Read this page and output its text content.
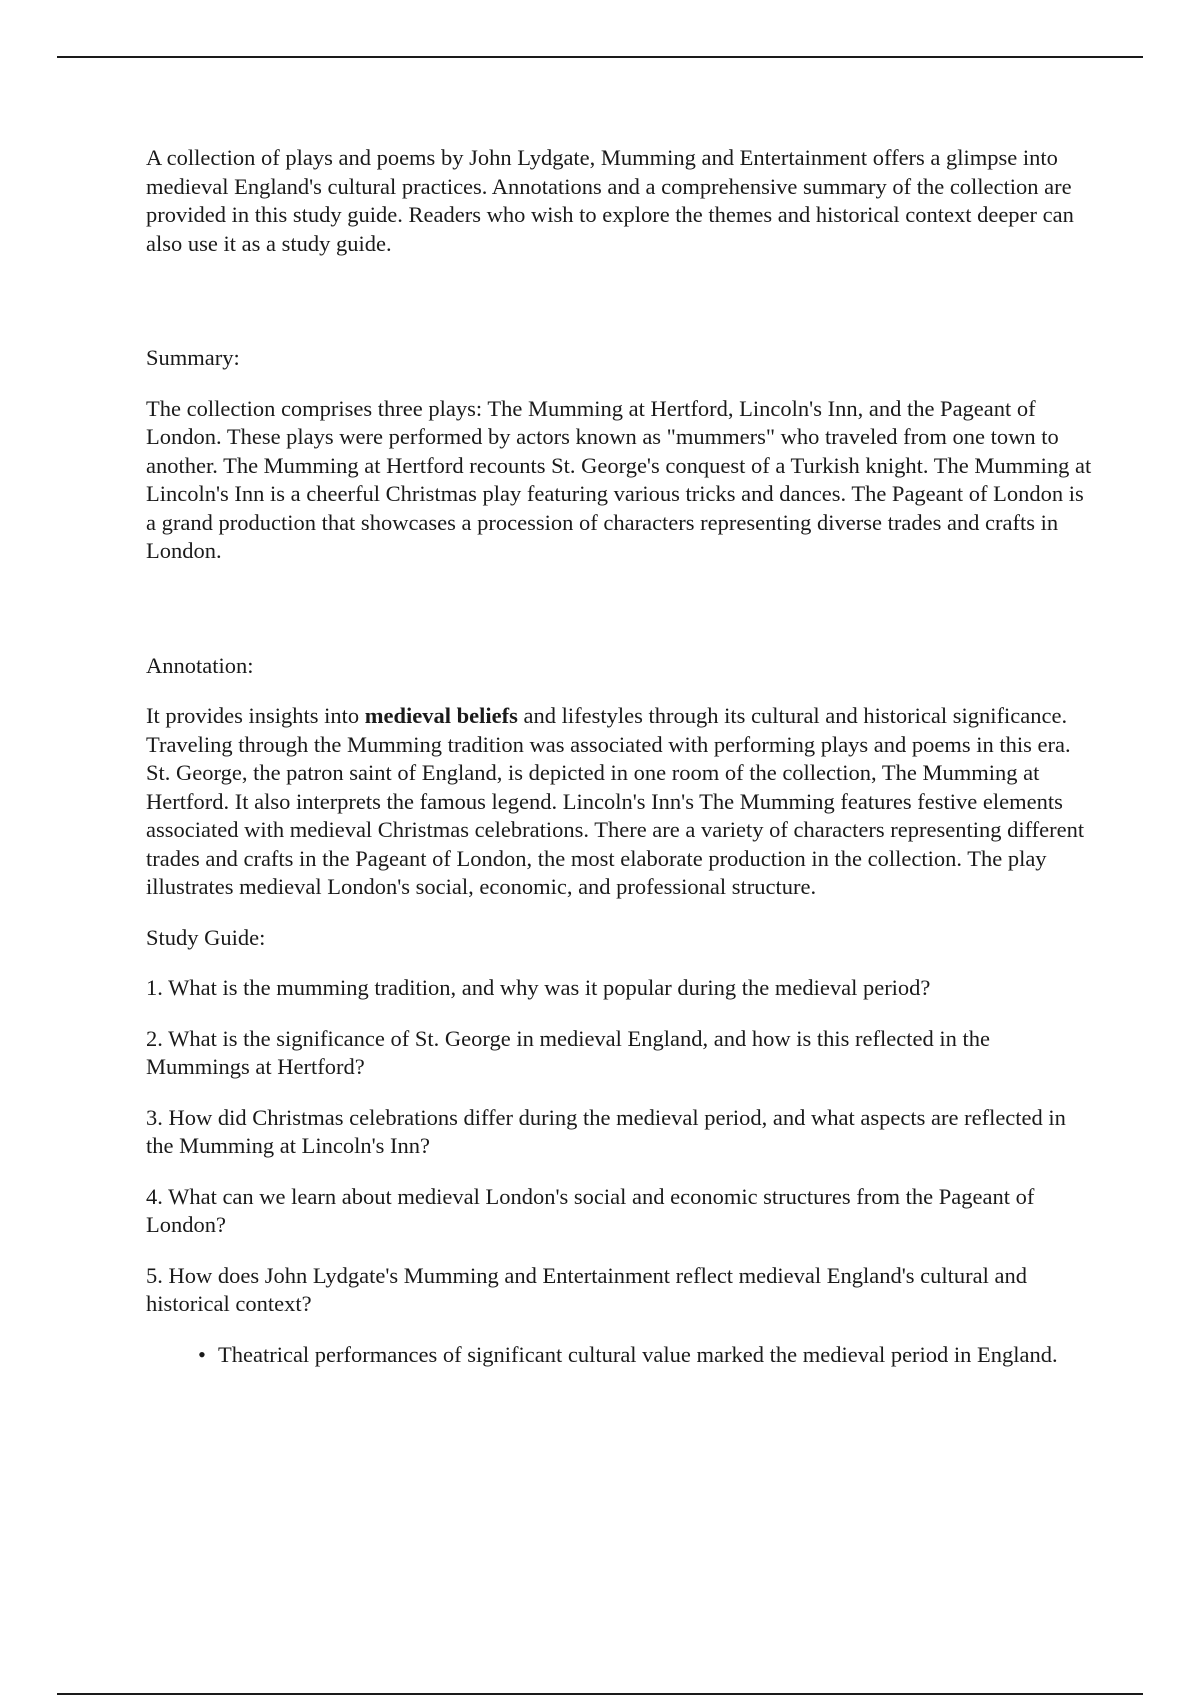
A collection of plays and poems by John Lydgate, Mumming and Entertainment offers a glimpse into medieval England's cultural practices. Annotations and a comprehensive summary of the collection are provided in this study guide. Readers who wish to explore the themes and historical context deeper can also use it as a study guide.

Summary:

The collection comprises three plays: The Mumming at Hertford, Lincoln's Inn, and the Pageant of London. These plays were performed by actors known as "mummers" who traveled from one town to another. The Mumming at Hertford recounts St. George's conquest of a Turkish knight. The Mumming at Lincoln's Inn is a cheerful Christmas play featuring various tricks and dances. The Pageant of London is a grand production that showcases a procession of characters representing diverse trades and crafts in London.

Annotation:

It provides insights into medieval beliefs and lifestyles through its cultural and historical significance. Traveling through the Mumming tradition was associated with performing plays and poems in this era. St. George, the patron saint of England, is depicted in one room of the collection, The Mumming at Hertford. It also interprets the famous legend. Lincoln's Inn's The Mumming features festive elements associated with medieval Christmas celebrations. There are a variety of characters representing different trades and crafts in the Pageant of London, the most elaborate production in the collection. The play illustrates medieval London's social, economic, and professional structure.

Study Guide:

1. What is the mumming tradition, and why was it popular during the medieval period?

2. What is the significance of St. George in medieval England, and how is this reflected in the Mummings at Hertford?

3. How did Christmas celebrations differ during the medieval period, and what aspects are reflected in the Mumming at Lincoln's Inn?

4. What can we learn about medieval London's social and economic structures from the Pageant of London?

5. How does John Lydgate's Mumming and Entertainment reflect medieval England's cultural and historical context?

• Theatrical performances of significant cultural value marked the medieval period in England.
